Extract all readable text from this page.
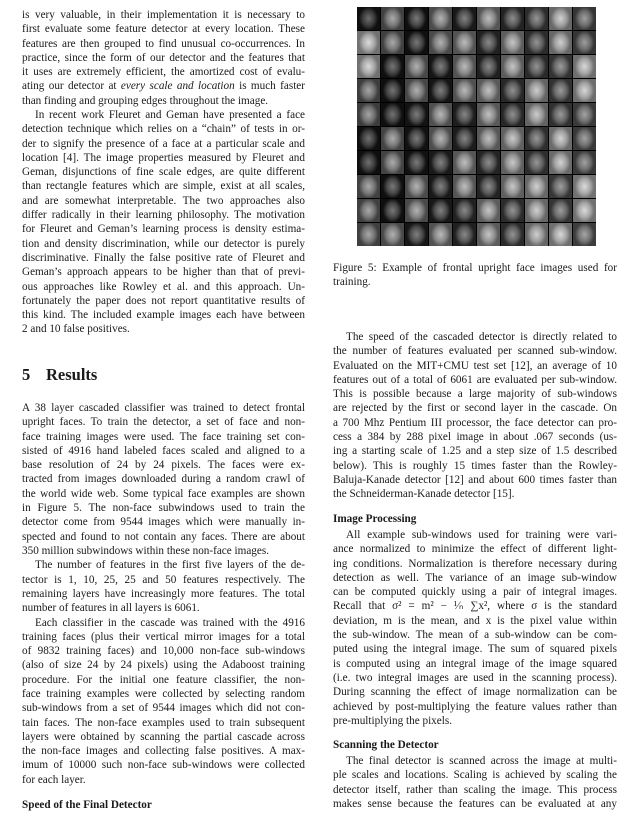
is very valuable, in their implementation it is necessary to
first evaluate some feature detector at every location. These
features are then grouped to find unusual co-occurrences. In
practice, since the form of our detector and the features that
it uses are extremely efficient, the amortized cost of evalu-
ating our detector at every scale and location is much faster
than finding and grouping edges throughout the image.
In recent work Fleuret and Geman have presented a face
detection technique which relies on a “chain” of tests in or-
der to signify the presence of a face at a particular scale and
location [4]. The image properties measured by Fleuret and
Geman, disjunctions of fine scale edges, are quite different
than rectangle features which are simple, exist at all scales,
and are somewhat interpretable. The two approaches also
differ radically in their learning philosophy. The motivation
for Fleuret and Geman’s learning process is density estima-
tion and density discrimination, while our detector is purely
discriminative. Finally the false positive rate of Fleuret and
Geman’s approach appears to be higher than that of previ-
ous approaches like Rowley et al. and this approach. Un-
fortunately the paper does not report quantitative results of
this kind. The included example images each have between
2 and 10 false positives.
5 Results
A 38 layer cascaded classifier was trained to detect frontal
upright faces. To train the detector, a set of face and non-
face training images were used. The face training set con-
sisted of 4916 hand labeled faces scaled and aligned to a
base resolution of 24 by 24 pixels. The faces were ex-
tracted from images downloaded during a random crawl of
the world wide web. Some typical face examples are shown
in Figure 5. The non-face subwindows used to train the
detector come from 9544 images which were manually in-
spected and found to not contain any faces. There are about
350 million subwindows within these non-face images.
The number of features in the first five layers of the de-
tector is 1, 10, 25, 25 and 50 features respectively. The
remaining layers have increasingly more features. The total
number of features in all layers is 6061.
Each classifier in the cascade was trained with the 4916
training faces (plus their vertical mirror images for a total
of 9832 training faces) and 10,000 non-face sub-windows
(also of size 24 by 24 pixels) using the Adaboost training
procedure. For the initial one feature classifier, the non-
face training examples were collected by selecting random
sub-windows from a set of 9544 images which did not con-
tain faces. The non-face examples used to train subsequent
layers were obtained by scanning the partial cascade across
the non-face images and collecting false positives. A max-
imum of 10000 such non-face sub-windows were collected
for each layer.
Speed of the Final Detector
Figure 5: Example of frontal upright face images used for
training.
The speed of the cascaded detector is directly related to
the number of features evaluated per scanned sub-window.
Evaluated on the MIT+CMU test set [12], an average of 10
features out of a total of 6061 are evaluated per sub-window.
This is possible because a large majority of sub-windows
are rejected by the first or second layer in the cascade. On
a 700 Mhz Pentium III processor, the face detector can pro-
cess a 384 by 288 pixel image in about .067 seconds (us-
ing a starting scale of 1.25 and a step size of 1.5 described
below). This is roughly 15 times faster than the Rowley-
Baluja-Kanade detector [12] and about 600 times faster than
the Schneiderman-Kanade detector [15].
Image Processing
All example sub-windows used for training were vari-
ance normalized to minimize the effect of different light-
ing conditions. Normalization is therefore necessary during
detection as well. The variance of an image sub-window
can be computed quickly using a pair of integral images.
Recall that σ² = m² − ¹⁄ₙ ∑x², where σ is the standard
deviation, m is the mean, and x is the pixel value within
the sub-window. The mean of a sub-window can be com-
puted using the integral image. The sum of squared pixels
is computed using an integral image of the image squared
(i.e. two integral images are used in the scanning process).
During scanning the effect of image normalization can be
achieved by post-multiplying the feature values rather than
pre-multiplying the pixels.
Scanning the Detector
The final detector is scanned across the image at multi-
ple scales and locations. Scaling is achieved by scaling the
detector itself, rather than scaling the image. This process
makes sense because the features can be evaluated at any
